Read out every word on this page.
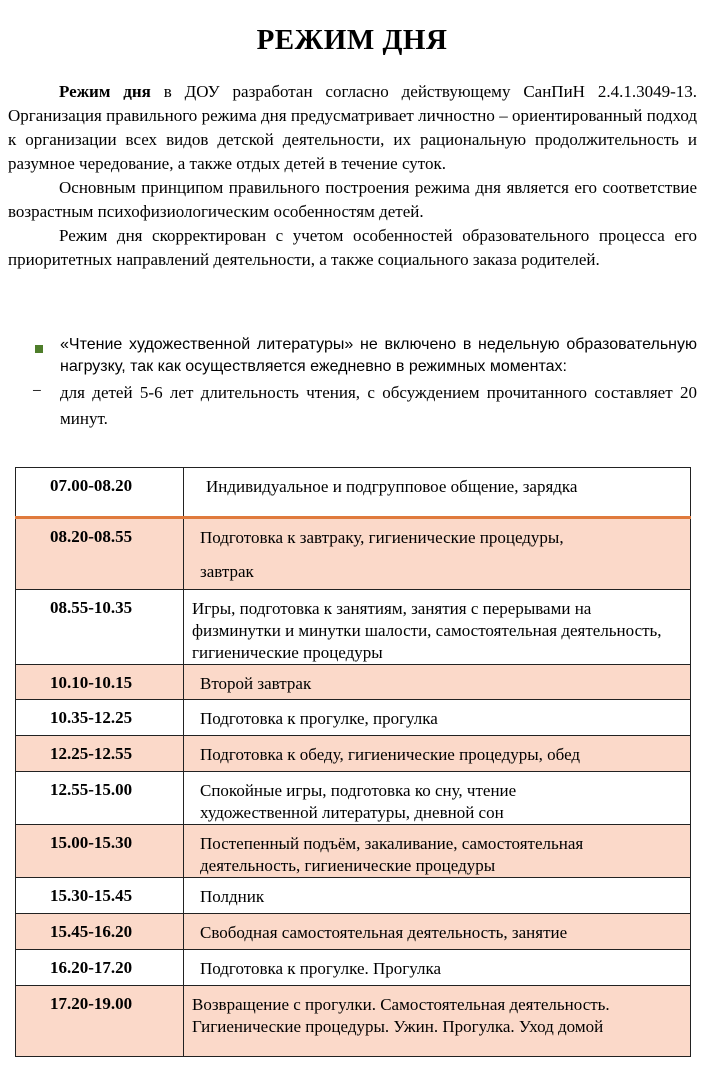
РЕЖИМ ДНЯ

Режим дня в ДОУ разработан согласно действующему СанПиН 2.4.1.3049-13. Организация правильного режима дня предусматривает личностно – ориентированный подход к организации всех видов детской деятельности, их рациональную продолжительность и разумное чередование, а также отдых детей в течение суток.

Основным принципом правильного построения режима дня является его соответствие возрастным психофизиологическим особенностям детей.

Режим дня скорректирован с учетом особенностей образовательного процесса его приоритетных направлений деятельности, а также социального заказа родителей.

«Чтение художественной литературы» не включено в недельную образовательную нагрузку, так как осуществляется ежедневно в режимных моментах:
− для детей 5-6 лет длительность чтения, с обсуждением прочитанного составляет 20 минут.
07.00-08.20	Индивидуальное и подгрупповое общение, зарядка
08.20-08.55	Подготовка к завтраку, гигиенические процедуры,
завтрак

08.55-10.35	Игры, подготовка к занятиям, занятия с перерывами на физминутки и минутки шалости, самостоятельная деятельность, гигиенические процедуры
10.10-10.15	Второй завтрак
10.35-12.25	Подготовка к прогулке, прогулка
12.25-12.55	Подготовка к обеду, гигиенические процедуры, обед
12.55-15.00	Спокойные игры, подготовка ко сну, чтение художественной литературы, дневной сон
15.00-15.30	Постепенный подъём, закаливание, самостоятельная деятельность, гигиенические процедуры
15.30-15.45	Полдник
15.45-16.20	Свободная самостоятельная деятельность, занятие
16.20-17.20	Подготовка к прогулке. Прогулка
17.20-19.00	Возвращение с прогулки. Самостоятельная деятельность. Гигиенические процедуры. Ужин. Прогулка. Уход домой
